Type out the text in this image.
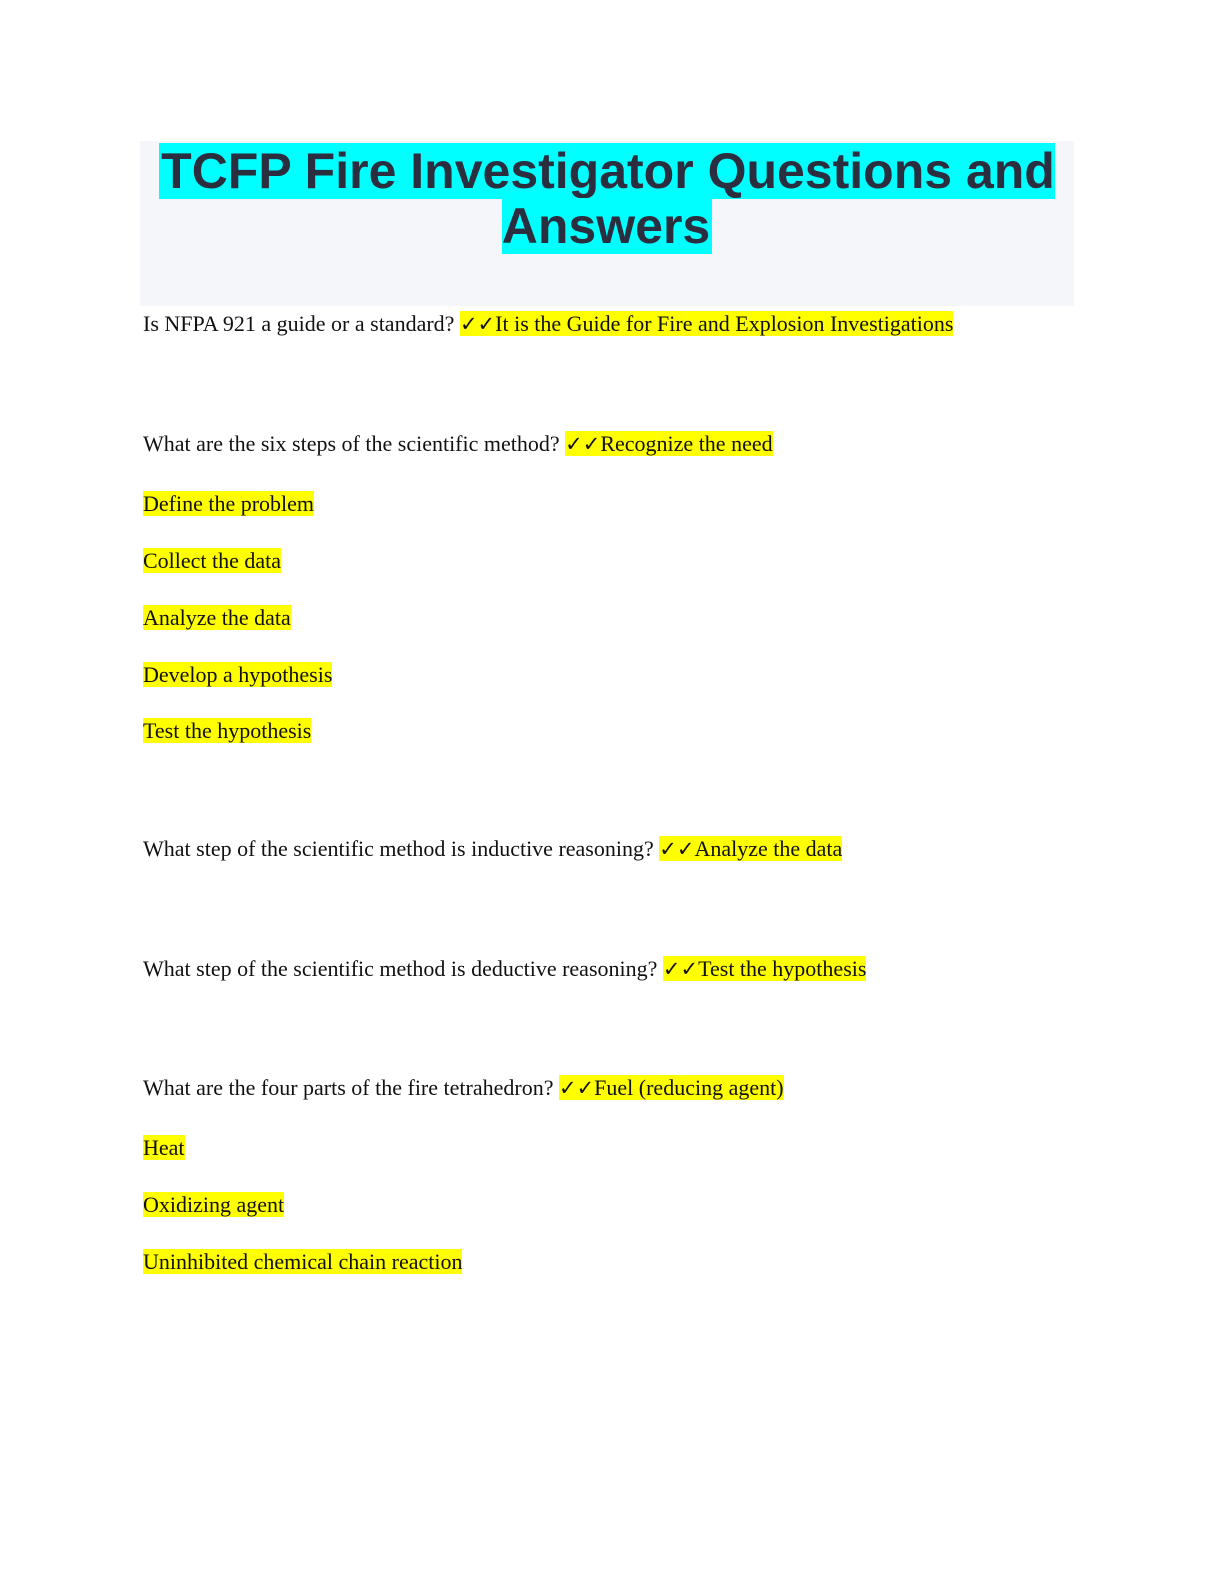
TCFP Fire Investigator Questions and Answers
Is NFPA 921 a guide or a standard? ✓✓It is the Guide for Fire and Explosion Investigations
What are the six steps of the scientific method? ✓✓Recognize the need
Define the problem
Collect the data
Analyze the data
Develop a hypothesis
Test the hypothesis
What step of the scientific method is inductive reasoning? ✓✓Analyze the data
What step of the scientific method is deductive reasoning? ✓✓Test the hypothesis
What are the four parts of the fire tetrahedron? ✓✓Fuel (reducing agent)
Heat
Oxidizing agent
Uninhibited chemical chain reaction
